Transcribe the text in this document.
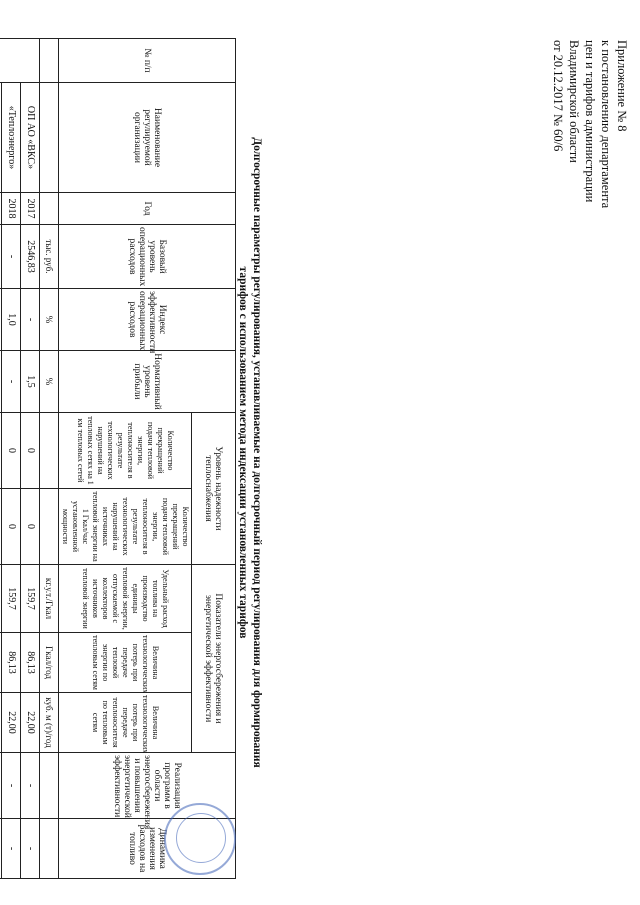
Приложение № 8
к постановлению департамента
цен и тарифов администрации
Владимирской области
от 20.12.2017 № 60/6
Долгосрочные параметры регулирования, устанавливаемые на долгосрочный период регулирования для формирования
тарифов с использованием метода индексации установленных тарифов
№ п/п	Наименование регулируемой организации	Год	Базовый уровень операционных расходов	Индекс эффективности операционных расходов	Нормативный уровень прибыли	Уровень надежности теплоснабжения		Показатели энергосбережения и энергетической эффективности			Реализация программ в области энергосбережения и повышения энергетической эффективности	Динамика изменения расходов на топливо
						Количество прекращений подачи тепловой энергии, теплоносителя в результате технологических нарушений на тепловых сетях на 1 км тепловых сетей	Количество прекращений подачи тепловой энергии, теплоносителя в результате технологических нарушений на источниках тепловой энергии на 1 Гкал/час установленной мощности	Удельный расход топлива на производство единицы тепловой энергии, отпускаемой с коллекторов источников тепловой энергии	Величина технологических потерь при передаче тепловой энергии по тепловым сетям	Величина технологических потерь при передаче теплоносителя по тепловым сетям		
			тыс. руб.	%	%			кг.у.т./Гкал	Гкал/год	куб. м (т)/год		
	ОП АО «ВКС»	2017	2546,83	-	1,5	0	0	159,7	86,13	22,00	-	-
	«Теплоэнерго»	2018	-	1,0	-	0	0	159,7	86,13	22,00	-	-
